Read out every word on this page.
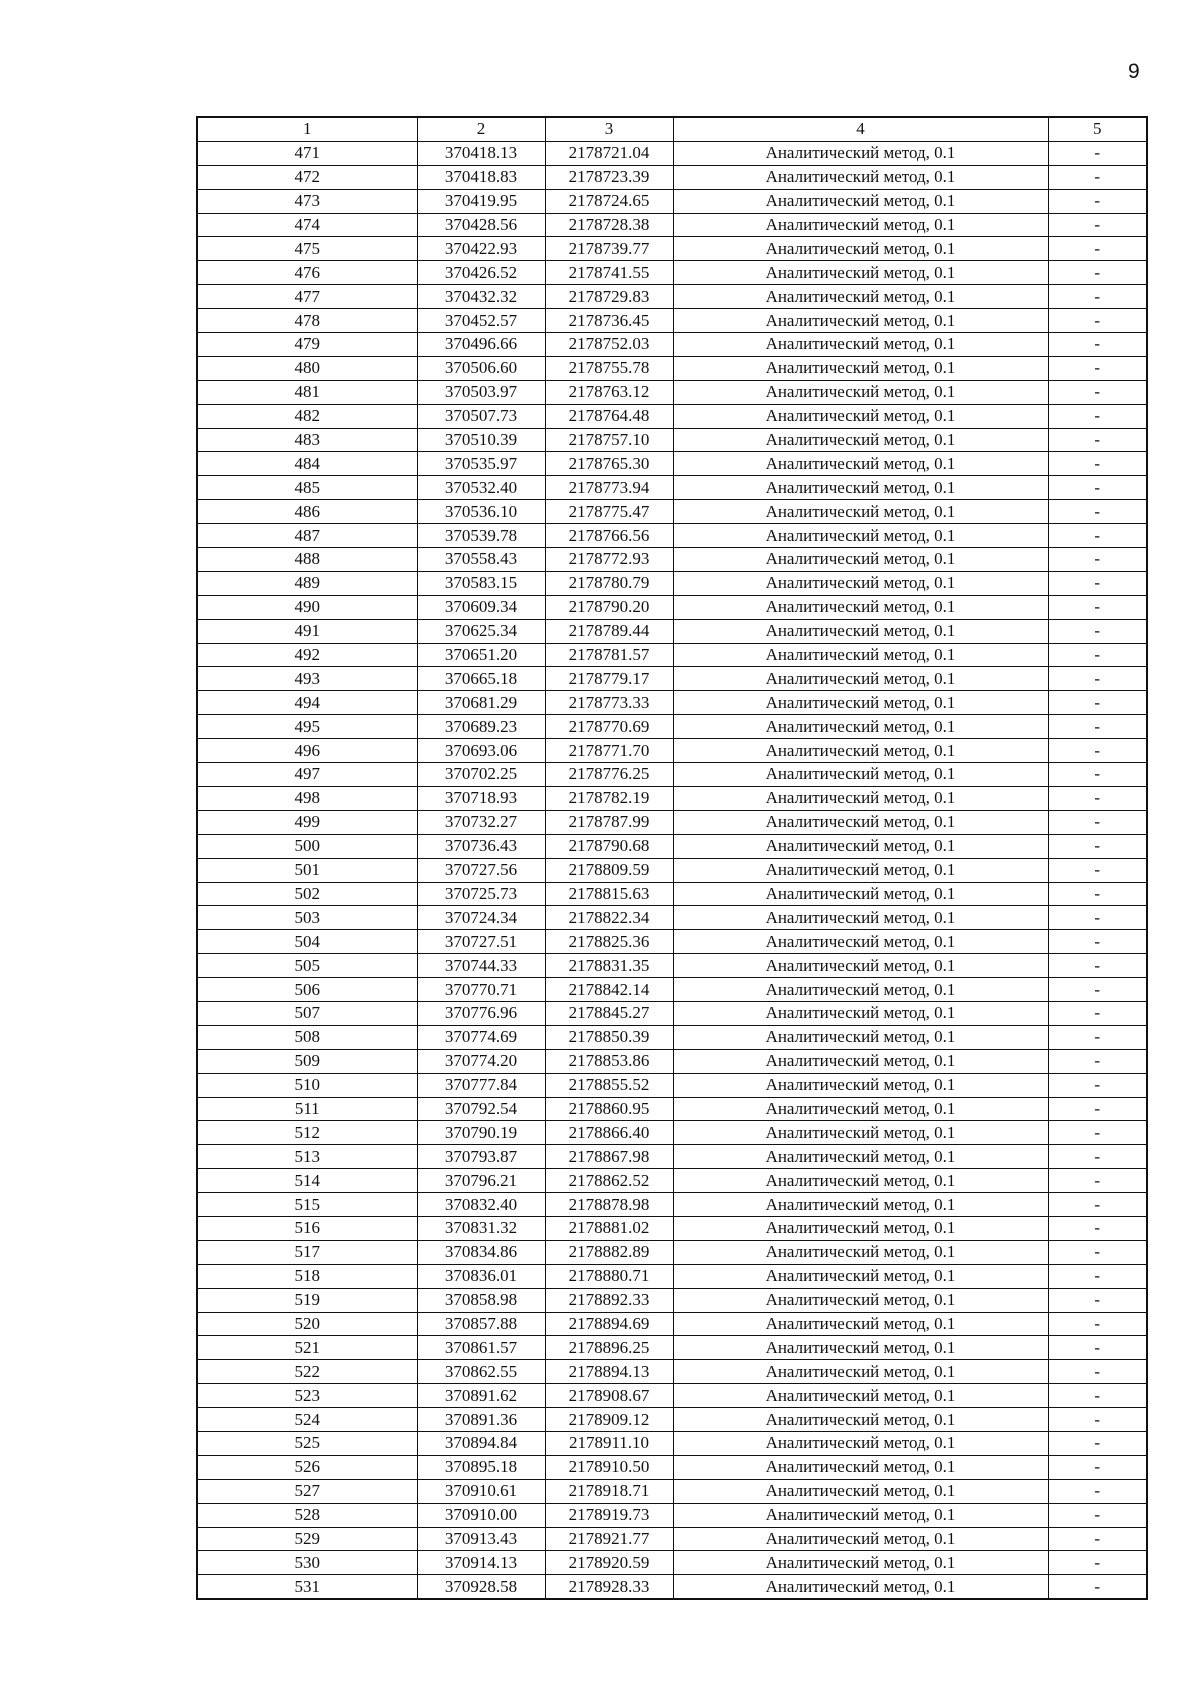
9
1	2	3	4	5
471	370418.13	2178721.04	Аналитический метод, 0.1	-
472	370418.83	2178723.39	Аналитический метод, 0.1	-
473	370419.95	2178724.65	Аналитический метод, 0.1	-
474	370428.56	2178728.38	Аналитический метод, 0.1	-
475	370422.93	2178739.77	Аналитический метод, 0.1	-
476	370426.52	2178741.55	Аналитический метод, 0.1	-
477	370432.32	2178729.83	Аналитический метод, 0.1	-
478	370452.57	2178736.45	Аналитический метод, 0.1	-
479	370496.66	2178752.03	Аналитический метод, 0.1	-
480	370506.60	2178755.78	Аналитический метод, 0.1	-
481	370503.97	2178763.12	Аналитический метод, 0.1	-
482	370507.73	2178764.48	Аналитический метод, 0.1	-
483	370510.39	2178757.10	Аналитический метод, 0.1	-
484	370535.97	2178765.30	Аналитический метод, 0.1	-
485	370532.40	2178773.94	Аналитический метод, 0.1	-
486	370536.10	2178775.47	Аналитический метод, 0.1	-
487	370539.78	2178766.56	Аналитический метод, 0.1	-
488	370558.43	2178772.93	Аналитический метод, 0.1	-
489	370583.15	2178780.79	Аналитический метод, 0.1	-
490	370609.34	2178790.20	Аналитический метод, 0.1	-
491	370625.34	2178789.44	Аналитический метод, 0.1	-
492	370651.20	2178781.57	Аналитический метод, 0.1	-
493	370665.18	2178779.17	Аналитический метод, 0.1	-
494	370681.29	2178773.33	Аналитический метод, 0.1	-
495	370689.23	2178770.69	Аналитический метод, 0.1	-
496	370693.06	2178771.70	Аналитический метод, 0.1	-
497	370702.25	2178776.25	Аналитический метод, 0.1	-
498	370718.93	2178782.19	Аналитический метод, 0.1	-
499	370732.27	2178787.99	Аналитический метод, 0.1	-
500	370736.43	2178790.68	Аналитический метод, 0.1	-
501	370727.56	2178809.59	Аналитический метод, 0.1	-
502	370725.73	2178815.63	Аналитический метод, 0.1	-
503	370724.34	2178822.34	Аналитический метод, 0.1	-
504	370727.51	2178825.36	Аналитический метод, 0.1	-
505	370744.33	2178831.35	Аналитический метод, 0.1	-
506	370770.71	2178842.14	Аналитический метод, 0.1	-
507	370776.96	2178845.27	Аналитический метод, 0.1	-
508	370774.69	2178850.39	Аналитический метод, 0.1	-
509	370774.20	2178853.86	Аналитический метод, 0.1	-
510	370777.84	2178855.52	Аналитический метод, 0.1	-
511	370792.54	2178860.95	Аналитический метод, 0.1	-
512	370790.19	2178866.40	Аналитический метод, 0.1	-
513	370793.87	2178867.98	Аналитический метод, 0.1	-
514	370796.21	2178862.52	Аналитический метод, 0.1	-
515	370832.40	2178878.98	Аналитический метод, 0.1	-
516	370831.32	2178881.02	Аналитический метод, 0.1	-
517	370834.86	2178882.89	Аналитический метод, 0.1	-
518	370836.01	2178880.71	Аналитический метод, 0.1	-
519	370858.98	2178892.33	Аналитический метод, 0.1	-
520	370857.88	2178894.69	Аналитический метод, 0.1	-
521	370861.57	2178896.25	Аналитический метод, 0.1	-
522	370862.55	2178894.13	Аналитический метод, 0.1	-
523	370891.62	2178908.67	Аналитический метод, 0.1	-
524	370891.36	2178909.12	Аналитический метод, 0.1	-
525	370894.84	2178911.10	Аналитический метод, 0.1	-
526	370895.18	2178910.50	Аналитический метод, 0.1	-
527	370910.61	2178918.71	Аналитический метод, 0.1	-
528	370910.00	2178919.73	Аналитический метод, 0.1	-
529	370913.43	2178921.77	Аналитический метод, 0.1	-
530	370914.13	2178920.59	Аналитический метод, 0.1	-
531	370928.58	2178928.33	Аналитический метод, 0.1	-
